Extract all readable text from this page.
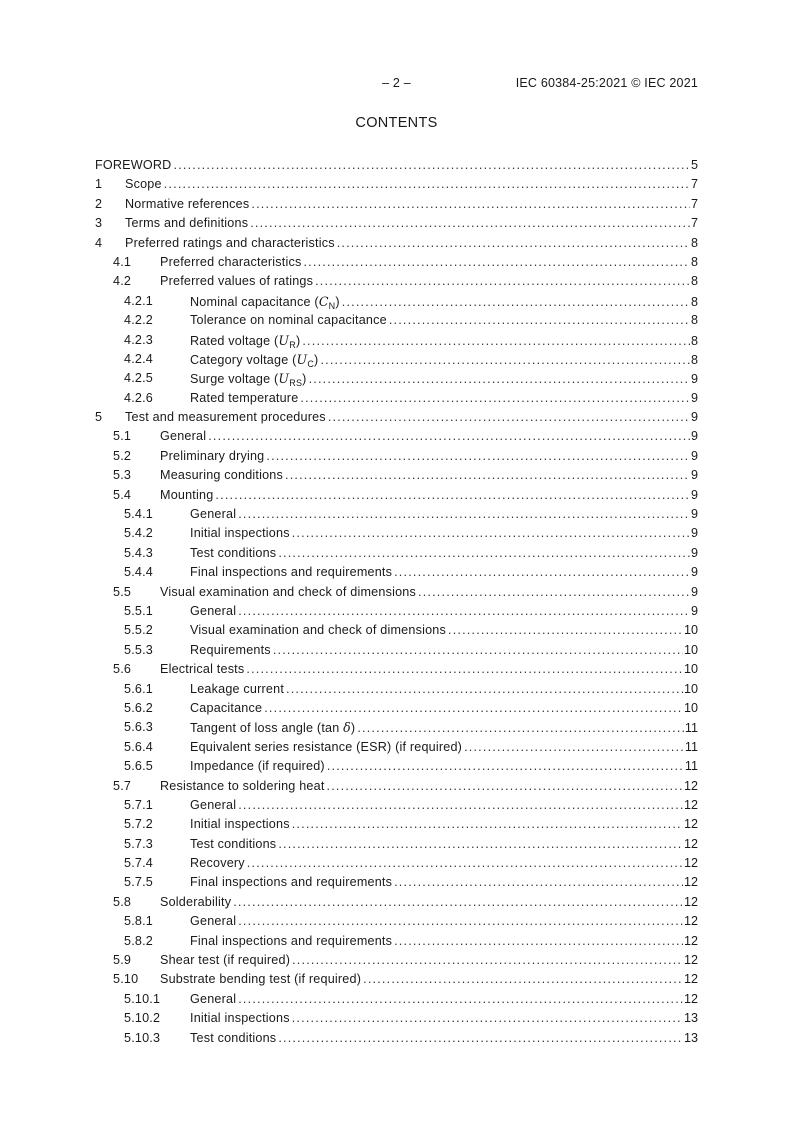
– 2 –	IEC 60384-25:2021 © IEC 2021
CONTENTS
FOREWORD .....	5
1 Scope .....	7
2 Normative references .....	7
3 Terms and definitions .....	7
4 Preferred ratings and characteristics .....	8
4.1 Preferred characteristics .....	8
4.2 Preferred values of ratings .....	8
4.2.1	Nominal capacitance $(C_N)$ .....	8
4.2.2	Tolerance on nominal capacitance .....	8
4.2.3	Rated voltage $(U_R)$ .....	8
4.2.4	Category voltage $(U_C)$ .....	8
4.2.5	Surge voltage $(U_{RS})$ .....	9
4.2.6	Rated temperature .....	9
5 Test and measurement procedures .....	9
5.1 General .....	9
5.2 Preliminary drying .....	9
5.3 Measuring conditions .....	9
5.4 Mounting .....	9
5.4.1	General .....	9
5.4.2	Initial inspections .....	9
5.4.3	Test conditions .....	9
5.4.4	Final inspections and requirements .....	9
5.5 Visual examination and check of dimensions .....	9
5.5.1	General .....	9
5.5.2	Visual examination and check of dimensions .....	10
5.5.3	Requirements .....	10
5.6 Electrical tests .....	10
5.6.1	Leakage current .....	10
5.6.2	Capacitance .....	10
5.6.3	Tangent of loss angle (tan δ) .....	11
5.6.4	Equivalent series resistance (ESR) (if required) .....	11
5.6.5	Impedance (if required) .....	11
5.7 Resistance to soldering heat .....	12
5.7.1	General .....	12
5.7.2	Initial inspections .....	12
5.7.3	Test conditions .....	12
5.7.4	Recovery .....	12
5.7.5	Final inspections and requirements .....	12
5.8 Solderability .....	12
5.8.1	General .....	12
5.8.2	Final inspections and requirements .....	12
5.9 Shear test (if required) .....	12
5.10 Substrate bending test (if required) .....	12
5.10.1 General .....	12
5.10.2 Initial inspections .....	13
5.10.3 Test conditions .....	13
